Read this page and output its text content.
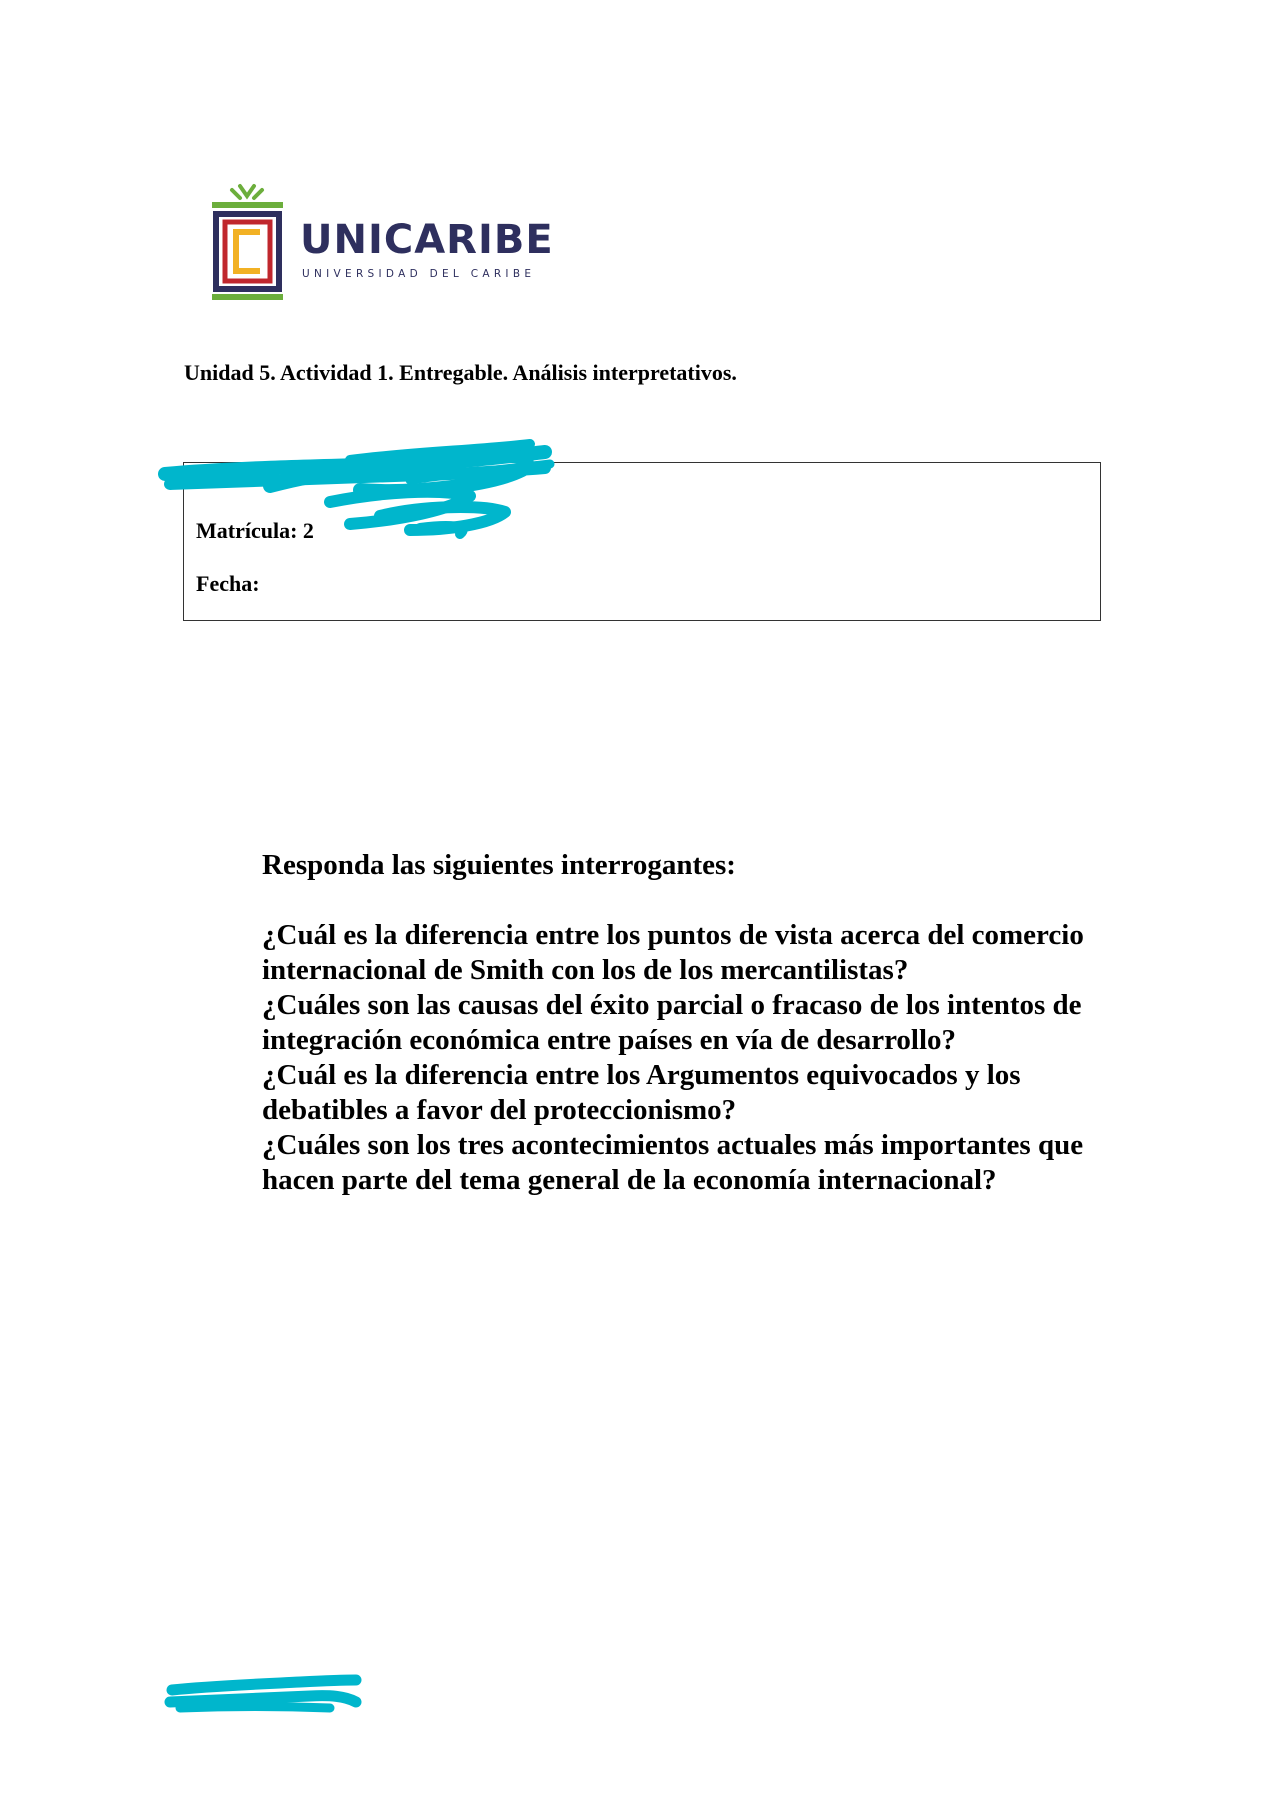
UNICARIBE
UNIVERSIDAD DEL CARIBE
Unidad 5. Actividad 1. Entregable. Análisis interpretativos.
Matrícula: 2
Fecha:

Responda las siguientes interrogantes:

¿Cuál es la diferencia entre los puntos de vista acerca del comercio internacional de Smith con los de los mercantilistas?

¿Cuáles son las causas del éxito parcial o fracaso de los intentos de integración económica entre países en vía de desarrollo?

¿Cuál es la diferencia entre los Argumentos equivocados y los debatibles a favor del proteccionismo?

¿Cuáles son los tres acontecimientos actuales más importantes que hacen parte del tema general de la economía internacional?
